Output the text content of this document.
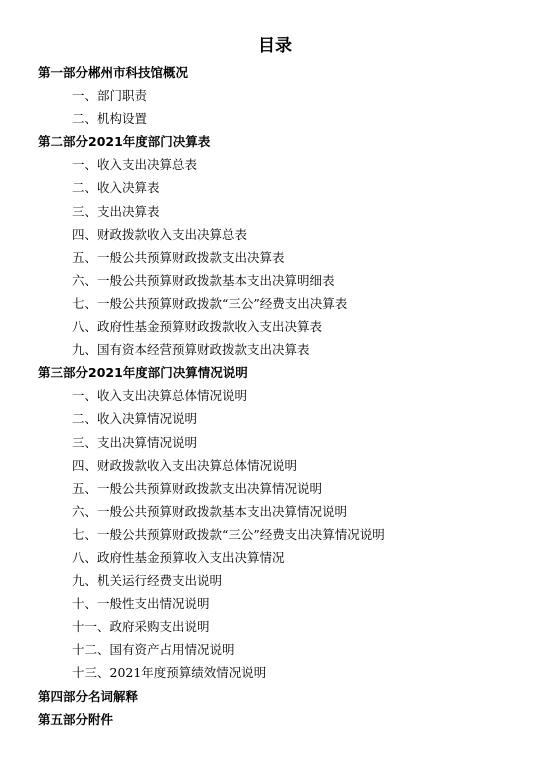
目录
第一部分郴州市科技馆概况
一、部门职责
二、机构设置
第二部分2021年度部门决算表
一、收入支出决算总表
二、收入决算表
三、支出决算表
四、财政拨款收入支出决算总表
五、一般公共预算财政拨款支出决算表
六、一般公共预算财政拨款基本支出决算明细表
七、一般公共预算财政拨款“三公”经费支出决算表
八、政府性基金预算财政拨款收入支出决算表
九、国有资本经营预算财政拨款支出决算表
第三部分2021年度部门决算情况说明
一、收入支出决算总体情况说明
二、收入决算情况说明
三、支出决算情况说明
四、财政拨款收入支出决算总体情况说明
五、一般公共预算财政拨款支出决算情况说明
六、一般公共预算财政拨款基本支出决算情况说明
七、一般公共预算财政拨款“三公”经费支出决算情况说明
八、政府性基金预算收入支出决算情况
九、机关运行经费支出说明
十、一般性支出情况说明
十一、政府采购支出说明
十二、国有资产占用情况说明
十三、2021年度预算绩效情况说明
第四部分名词解释
第五部分附件
